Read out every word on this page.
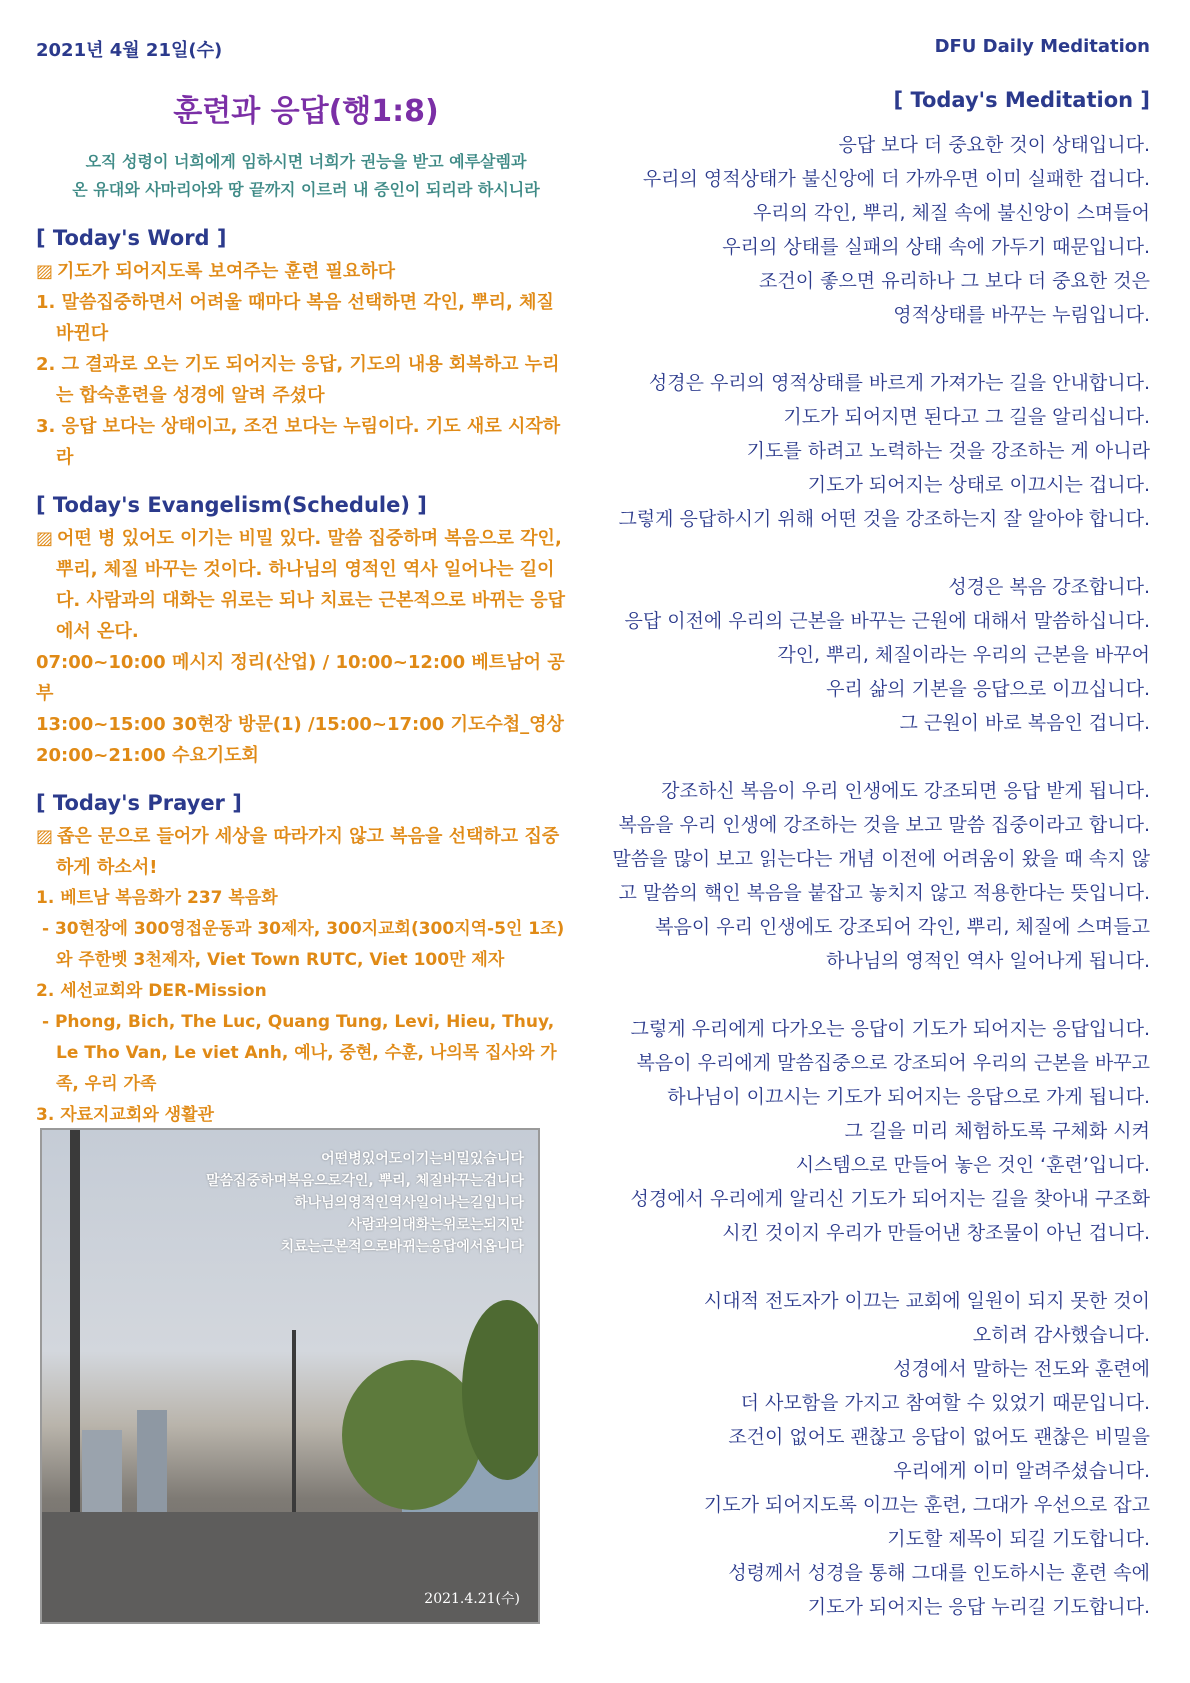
2021년 4월 21일(수)	DFU Daily Meditation
훈련과 응답(행1:8)
오직 성령이 너희에게 임하시면 너희가 권능을 받고 예루살렘과
온 유대와 사마리아와 땅 끝까지 이르러 내 증인이 되리라 하시니라
[ Today's Word ]
▨ 기도가 되어지도록 보여주는 훈련 필요하다
1. 말씀집중하면서 어려울 때마다 복음 선택하면 각인, 뿌리, 체질 바뀐다
2. 그 결과로 오는 기도 되어지는 응답, 기도의 내용 회복하고 누리는 합숙훈련을 성경에 알려 주셨다
3. 응답 보다는 상태이고, 조건 보다는 누림이다. 기도 새로 시작하라
[ Today's Evangelism(Schedule) ]
▨ 어떤 병 있어도 이기는 비밀 있다. 말씀 집중하며 복음으로 각인, 뿌리, 체질 바꾸는 것이다. 하나님의 영적인 역사 일어나는 길이다. 사람과의 대화는 위로는 되나 치료는 근본적으로 바뀌는 응답에서 온다.
07:00~10:00 메시지 정리(산업) / 10:00~12:00 베트남어 공부
13:00~15:00 30현장 방문(1) /15:00~17:00 기도수첩_영상
20:00~21:00 수요기도회
[ Today's Prayer ]
▨ 좁은 문으로 들어가 세상을 따라가지 않고 복음을 선택하고 집중하게 하소서!
1. 베트남 복음화가 237 복음화
- 30현장에 300영접운동과 30제자, 300지교회(300지역-5인 1조)와 주한벳 3천제자, Viet Town RUTC, Viet 100만 제자
2. 세선교회와 DER-Mission
- Phong, Bich, The Luc, Quang Tung, Levi, Hieu, Thuy, Le Tho Van, Le viet Anh, 예나, 중현, 수훈, 나의목 집사와 가족, 우리 가족
3. 자료지교회와 생활관
어떤병있어도이기는비밀있습니다
말씀집중하며복음으로각인, 뿌리, 체질바꾸는겁니다
하나님의영적인역사일어나는길입니다
사람과의대화는위로는되지만
치료는근본적으로바뀌는응답에서옵니다
2021.4.21(수)
[ Today's Meditation ]
응답 보다 더 중요한 것이 상태입니다.
우리의 영적상태가 불신앙에 더 가까우면 이미 실패한 겁니다.
우리의 각인, 뿌리, 체질 속에 불신앙이 스며들어
우리의 상태를 실패의 상태 속에 가두기 때문입니다.
조건이 좋으면 유리하나 그 보다 더 중요한 것은
영적상태를 바꾸는 누림입니다.
성경은 우리의 영적상태를 바르게 가져가는 길을 안내합니다.
기도가 되어지면 된다고 그 길을 알리십니다.
기도를 하려고 노력하는 것을 강조하는 게 아니라
기도가 되어지는 상태로 이끄시는 겁니다.
그렇게 응답하시기 위해 어떤 것을 강조하는지 잘 알아야 합니다.
성경은 복음 강조합니다.
응답 이전에 우리의 근본을 바꾸는 근원에 대해서 말씀하십니다.
각인, 뿌리, 체질이라는 우리의 근본을 바꾸어
우리 삶의 기본을 응답으로 이끄십니다.
그 근원이 바로 복음인 겁니다.
강조하신 복음이 우리 인생에도 강조되면 응답 받게 됩니다.
복음을 우리 인생에 강조하는 것을 보고 말씀 집중이라고 합니다.
말씀을 많이 보고 읽는다는 개념 이전에 어려움이 왔을 때 속지 않
고 말씀의 핵인 복음을 붙잡고 놓치지 않고 적용한다는 뜻입니다.
복음이 우리 인생에도 강조되어 각인, 뿌리, 체질에 스며들고
하나님의 영적인 역사 일어나게 됩니다.
그렇게 우리에게 다가오는 응답이 기도가 되어지는 응답입니다.
복음이 우리에게 말씀집중으로 강조되어 우리의 근본을 바꾸고
하나님이 이끄시는 기도가 되어지는 응답으로 가게 됩니다.
그 길을 미리 체험하도록 구체화 시켜
시스템으로 만들어 놓은 것인 ‘훈련’입니다.
성경에서 우리에게 알리신 기도가 되어지는 길을 찾아내 구조화
시킨 것이지 우리가 만들어낸 창조물이 아닌 겁니다.
시대적 전도자가 이끄는 교회에 일원이 되지 못한 것이
오히려 감사했습니다.
성경에서 말하는 전도와 훈련에
더 사모함을 가지고 참여할 수 있었기 때문입니다.
조건이 없어도 괜찮고 응답이 없어도 괜찮은 비밀을
우리에게 이미 알려주셨습니다.
기도가 되어지도록 이끄는 훈련, 그대가 우선으로 잡고
기도할 제목이 되길 기도합니다.
성령께서 성경을 통해 그대를 인도하시는 훈련 속에
기도가 되어지는 응답 누리길 기도합니다.
